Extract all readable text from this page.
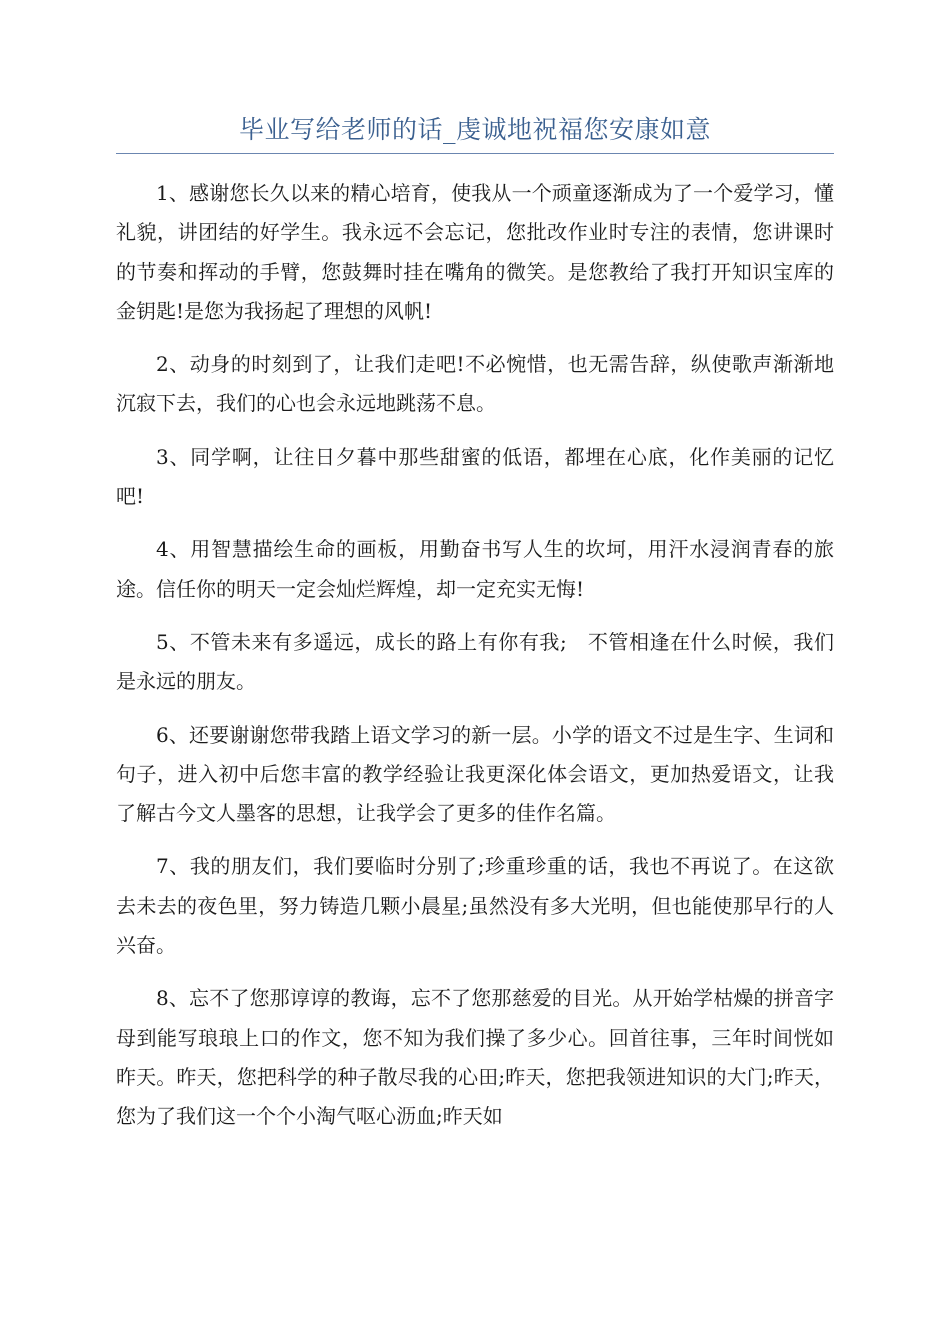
毕业写给老师的话_虔诚地祝福您安康如意

1、感谢您长久以来的精心培育，使我从一个顽童逐渐成为了一个爱学习，懂礼貌，讲团结的好学生。我永远不会忘记，您批改作业时专注的表情，您讲课时的节奏和挥动的手臂，您鼓舞时挂在嘴角的微笑。是您教给了我打开知识宝库的金钥匙!是您为我扬起了理想的风帆!

2、动身的时刻到了，让我们走吧!不必惋惜，也无需告辞，纵使歌声渐渐地沉寂下去，我们的心也会永远地跳荡不息。

3、同学啊，让往日夕暮中那些甜蜜的低语，都埋在心底，化作美丽的记忆吧!

4、用智慧描绘生命的画板，用勤奋书写人生的坎坷，用汗水浸润青春的旅途。信任你的明天一定会灿烂辉煌，却一定充实无悔!

5、不管未来有多遥远，成长的路上有你有我;　不管相逢在什么时候，我们是永远的朋友。

6、还要谢谢您带我踏上语文学习的新一层。小学的语文不过是生字、生词和句子，进入初中后您丰富的教学经验让我更深化体会语文，更加热爱语文，让我了解古今文人墨客的思想，让我学会了更多的佳作名篇。

7、我的朋友们，我们要临时分别了;珍重珍重的话，我也不再说了。在这欲去未去的夜色里，努力铸造几颗小晨星;虽然没有多大光明，但也能使那早行的人兴奋。

8、忘不了您那谆谆的教诲，忘不了您那慈爱的目光。从开始学枯燥的拼音字母到能写琅琅上口的作文，您不知为我们操了多少心。回首往事，三年时间恍如昨天。昨天，您把科学的种子散尽我的心田;昨天，您把我领进知识的大门;昨天，您为了我们这一个个小淘气呕心沥血;昨天如
